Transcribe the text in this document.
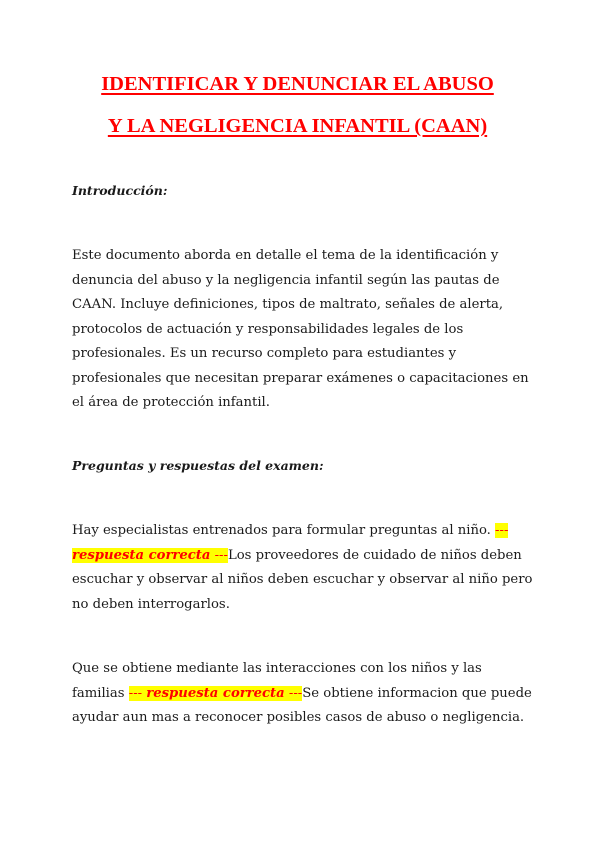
IDENTIFICAR Y DENUNCIAR EL ABUSO
Y LA NEGLIGENCIA INFANTIL (CAAN)

Introducción:

Este documento aborda en detalle el tema de la identificación y
denuncia del abuso y la negligencia infantil según las pautas de
CAAN. Incluye definiciones, tipos de maltrato, señales de alerta,
protocolos de actuación y responsabilidades legales de los
profesionales. Es un recurso completo para estudiantes y
profesionales que necesitan preparar exámenes o capacitaciones en
el área de protección infantil.

Preguntas y respuestas del examen:

Hay especialistas entrenados para formular preguntas al niño. ---
respuesta correcta ---Los proveedores de cuidado de niños deben
escuchar y observar al niños deben escuchar y observar al niño pero
no deben interrogarlos.
Que se obtiene mediante las interacciones con los niños y las
familias --- respuesta correcta ---Se obtiene informacion que puede
ayudar aun mas a reconocer posibles casos de abuso o negligencia.
